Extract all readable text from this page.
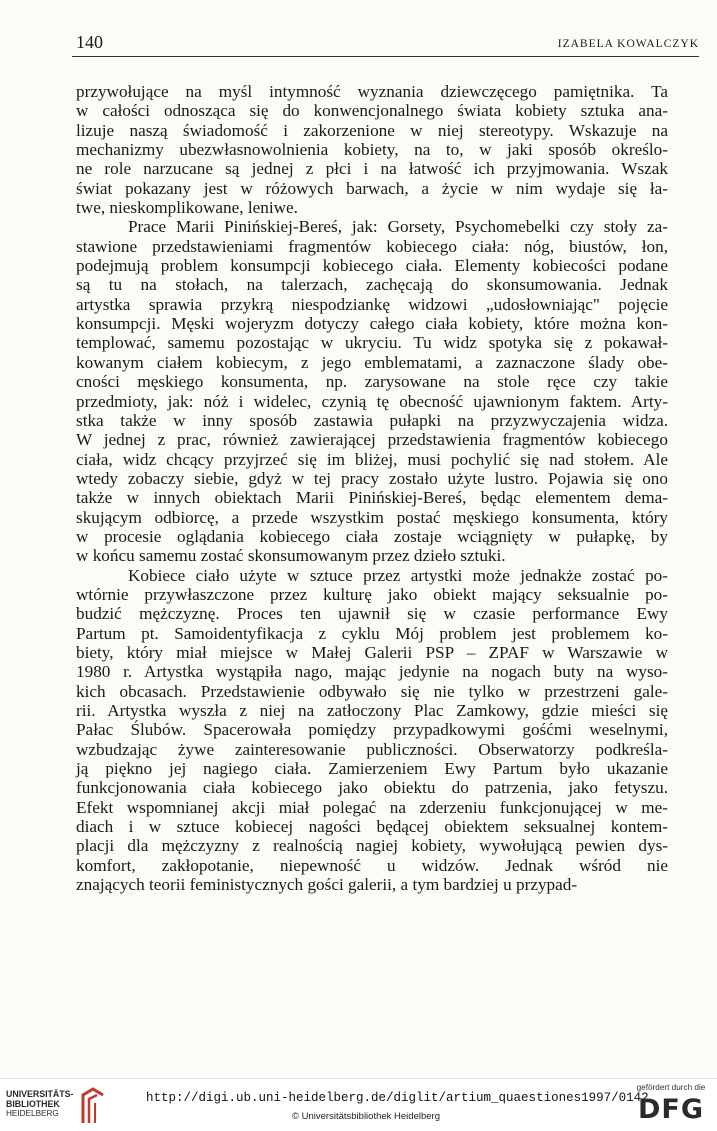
140	IZABELA KOWALCZYK

przywołujące na myśl intymność wyznania dziewczęcego pamiętnika. Ta

w całości odnosząca się do konwencjonalnego świata kobiety sztuka ana-

lizuje naszą świadomość i zakorzenione w niej stereotypy. Wskazuje na

mechanizmy ubezwłasnowolnienia kobiety, na to, w jaki sposób określo-

ne role narzucane są jednej z płci i na łatwość ich przyjmowania. Wszak

świat pokazany jest w różowych barwach, a życie w nim wydaje się ła-

twe, nieskomplikowane, leniwe.

Prace Marii Pinińskiej-Bereś, jak: Gorsety, Psychomebelki czy stoły za-

stawione przedstawieniami fragmentów kobiecego ciała: nóg, biustów, łon,

podejmują problem konsumpcji kobiecego ciała. Elementy kobiecości podane

są tu na stołach, na talerzach, zachęcają do skonsumowania. Jednak

artystka sprawia przykrą niespodziankę widzowi „udosłowniając" pojęcie

konsumpcji. Męski wojeryzm dotyczy całego ciała kobiety, które można kon-

templować, samemu pozostając w ukryciu. Tu widz spotyka się z pokawał-

kowanym ciałem kobiecym, z jego emblematami, a zaznaczone ślady obe-

cności męskiego konsumenta, np. zarysowane na stole ręce czy takie

przedmioty, jak: nóż i widelec, czynią tę obecność ujawnionym faktem. Arty-

stka także w inny sposób zastawia pułapki na przyzwyczajenia widza.

W jednej z prac, również zawierającej przedstawienia fragmentów kobiecego

ciała, widz chcący przyjrzeć się im bliżej, musi pochylić się nad stołem. Ale

wtedy zobaczy siebie, gdyż w tej pracy zostało użyte lustro. Pojawia się ono

także w innych obiektach Marii Pinińskiej-Bereś, będąc elementem dema-

skującym odbiorcę, a przede wszystkim postać męskiego konsumenta, który

w procesie oglądania kobiecego ciała zostaje wciągnięty w pułapkę, by

w końcu samemu zostać skonsumowanym przez dzieło sztuki.

Kobiece ciało użyte w sztuce przez artystki może jednakże zostać po-

wtórnie przywłaszczone przez kulturę jako obiekt mający seksualnie po-

budzić mężczyznę. Proces ten ujawnił się w czasie performance Ewy

Partum pt. Samoidentyfikacja z cyklu Mój problem jest problemem ko-

biety, który miał miejsce w Małej Galerii PSP – ZPAF w Warszawie w

1980 r. Artystka wystąpiła nago, mając jedynie na nogach buty na wyso-

kich obcasach. Przedstawienie odbywało się nie tylko w przestrzeni gale-

rii. Artystka wyszła z niej na zatłoczony Plac Zamkowy, gdzie mieści się

Pałac Ślubów. Spacerowała pomiędzy przypadkowymi gośćmi weselnymi,

wzbudzając żywe zainteresowanie publiczności. Obserwatorzy podkreśla-

ją piękno jej nagiego ciała. Zamierzeniem Ewy Partum było ukazanie

funkcjonowania ciała kobiecego jako obiektu do patrzenia, jako fetyszu.

Efekt wspomnianej akcji miał polegać na zderzeniu funkcjonującej w me-

diach i w sztuce kobiecej nagości będącej obiektem seksualnej kontem-

placji dla mężczyzny z realnością nagiej kobiety, wywołującą pewien dys-

komfort, zakłopotanie, niepewność u widzów. Jednak wśród nie

znających teorii feministycznych gości galerii, a tym bardziej u przypad-

UNIVERSITÄTS-
BIBLIOTHEK
HEIDELBERG
http://digi.ub.uni-heidelberg.de/diglit/artium_quaestiones1997/0142
© Universitätsbibliothek Heidelberg
gefördert durch die
DFG
